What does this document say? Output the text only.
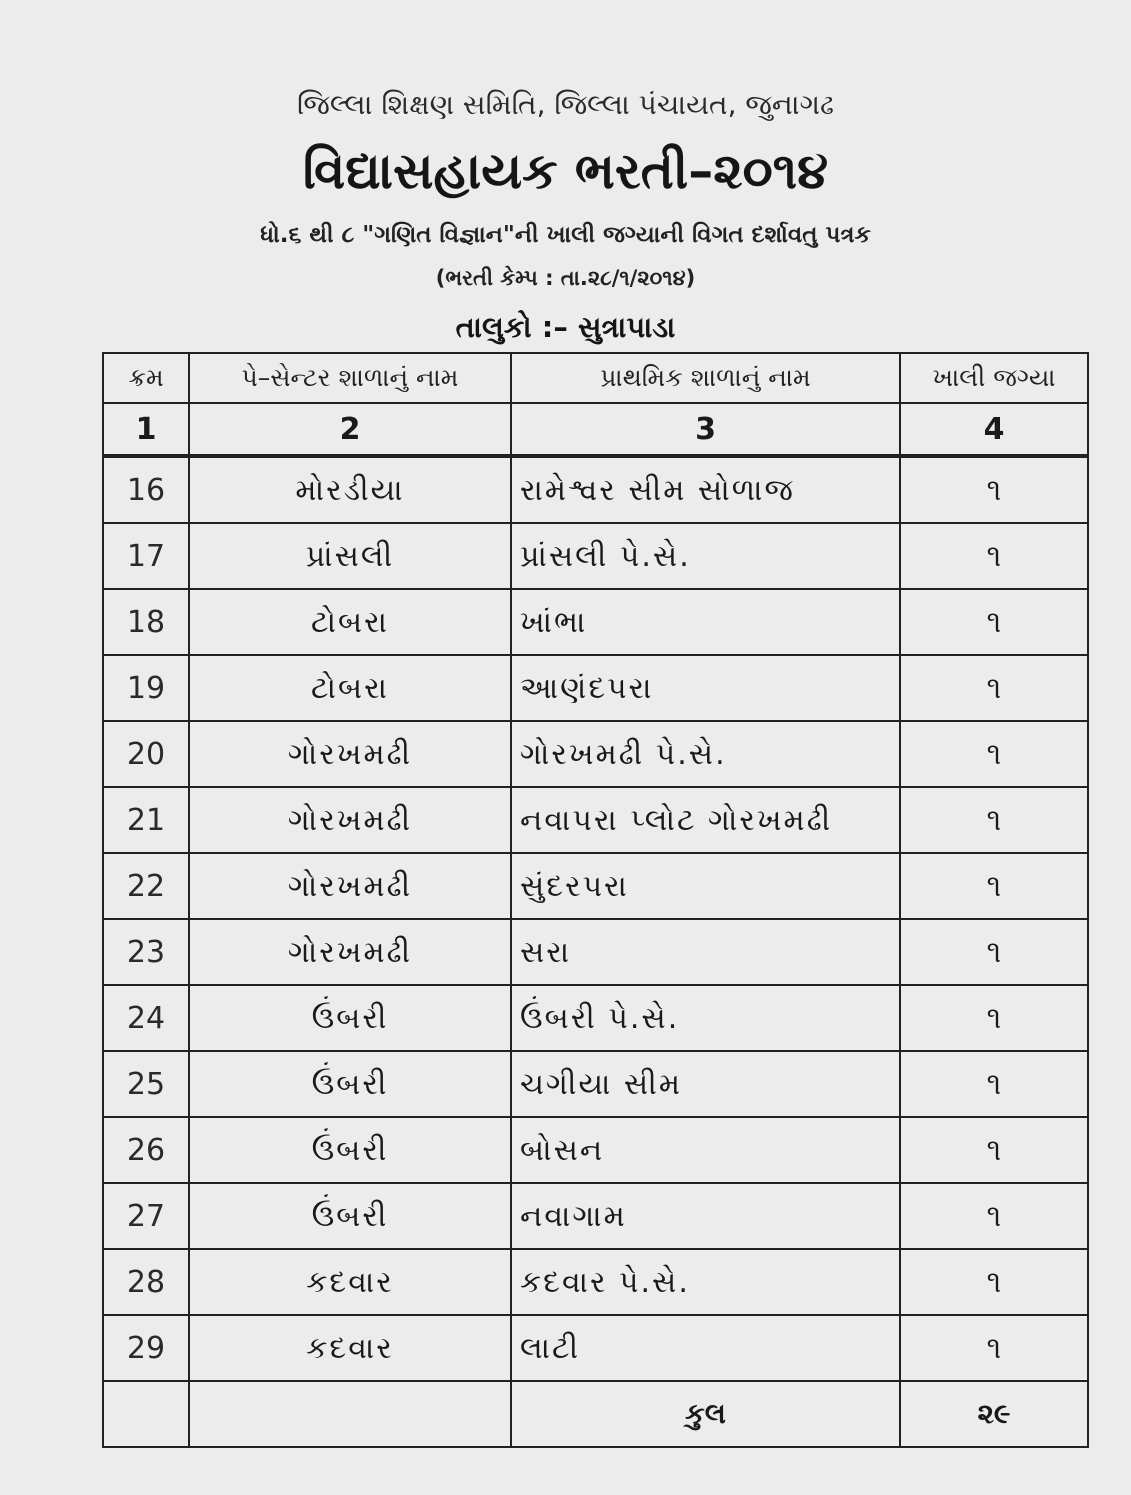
જિલ્લા શિક્ષણ સમિતિ, જિલ્લા પંચાયત, જુનાગઢ
વિદ્યાસહાયક ભરતી–૨૦૧૪
ધો.૬ થી ૮ "ગણિત વિજ્ઞાન"ની ખાલી જગ્યાની વિગત દર્શાવતુ પત્રક
(ભરતી કેમ્પ : તા.૨૮/૧/૨૦૧૪)
તાલુકો :– સુત્રાપાડા
ક્રમ	પે–સેન્ટર શાળાનું નામ	પ્રાથમિક શાળાનું નામ	ખાલી જગ્યા
1	2	3	4
16	મોરડીયા	રામેશ્વર સીમ સોળાજ	૧
17	પ્રાંસલી	પ્રાંસલી પે.સે.	૧
18	ટોબરા	ખાંભા	૧
19	ટોબરા	આણંદપરા	૧
20	ગોરખમઢી	ગોરખમઢી પે.સે.	૧
21	ગોરખમઢી	નવાપરા પ્લોટ ગોરખમઢી	૧
22	ગોરખમઢી	સુંદરપરા	૧
23	ગોરખમઢી	સરા	૧
24	ઉંબરી	ઉંબરી પે.સે.	૧
25	ઉંબરી	ચગીયા સીમ	૧
26	ઉંબરી	બોસન	૧
27	ઉંબરી	નવાગામ	૧
28	કદવાર	કદવાર પે.સે.	૧
29	કદવાર	લાટી	૧
		કુલ	૨૯
